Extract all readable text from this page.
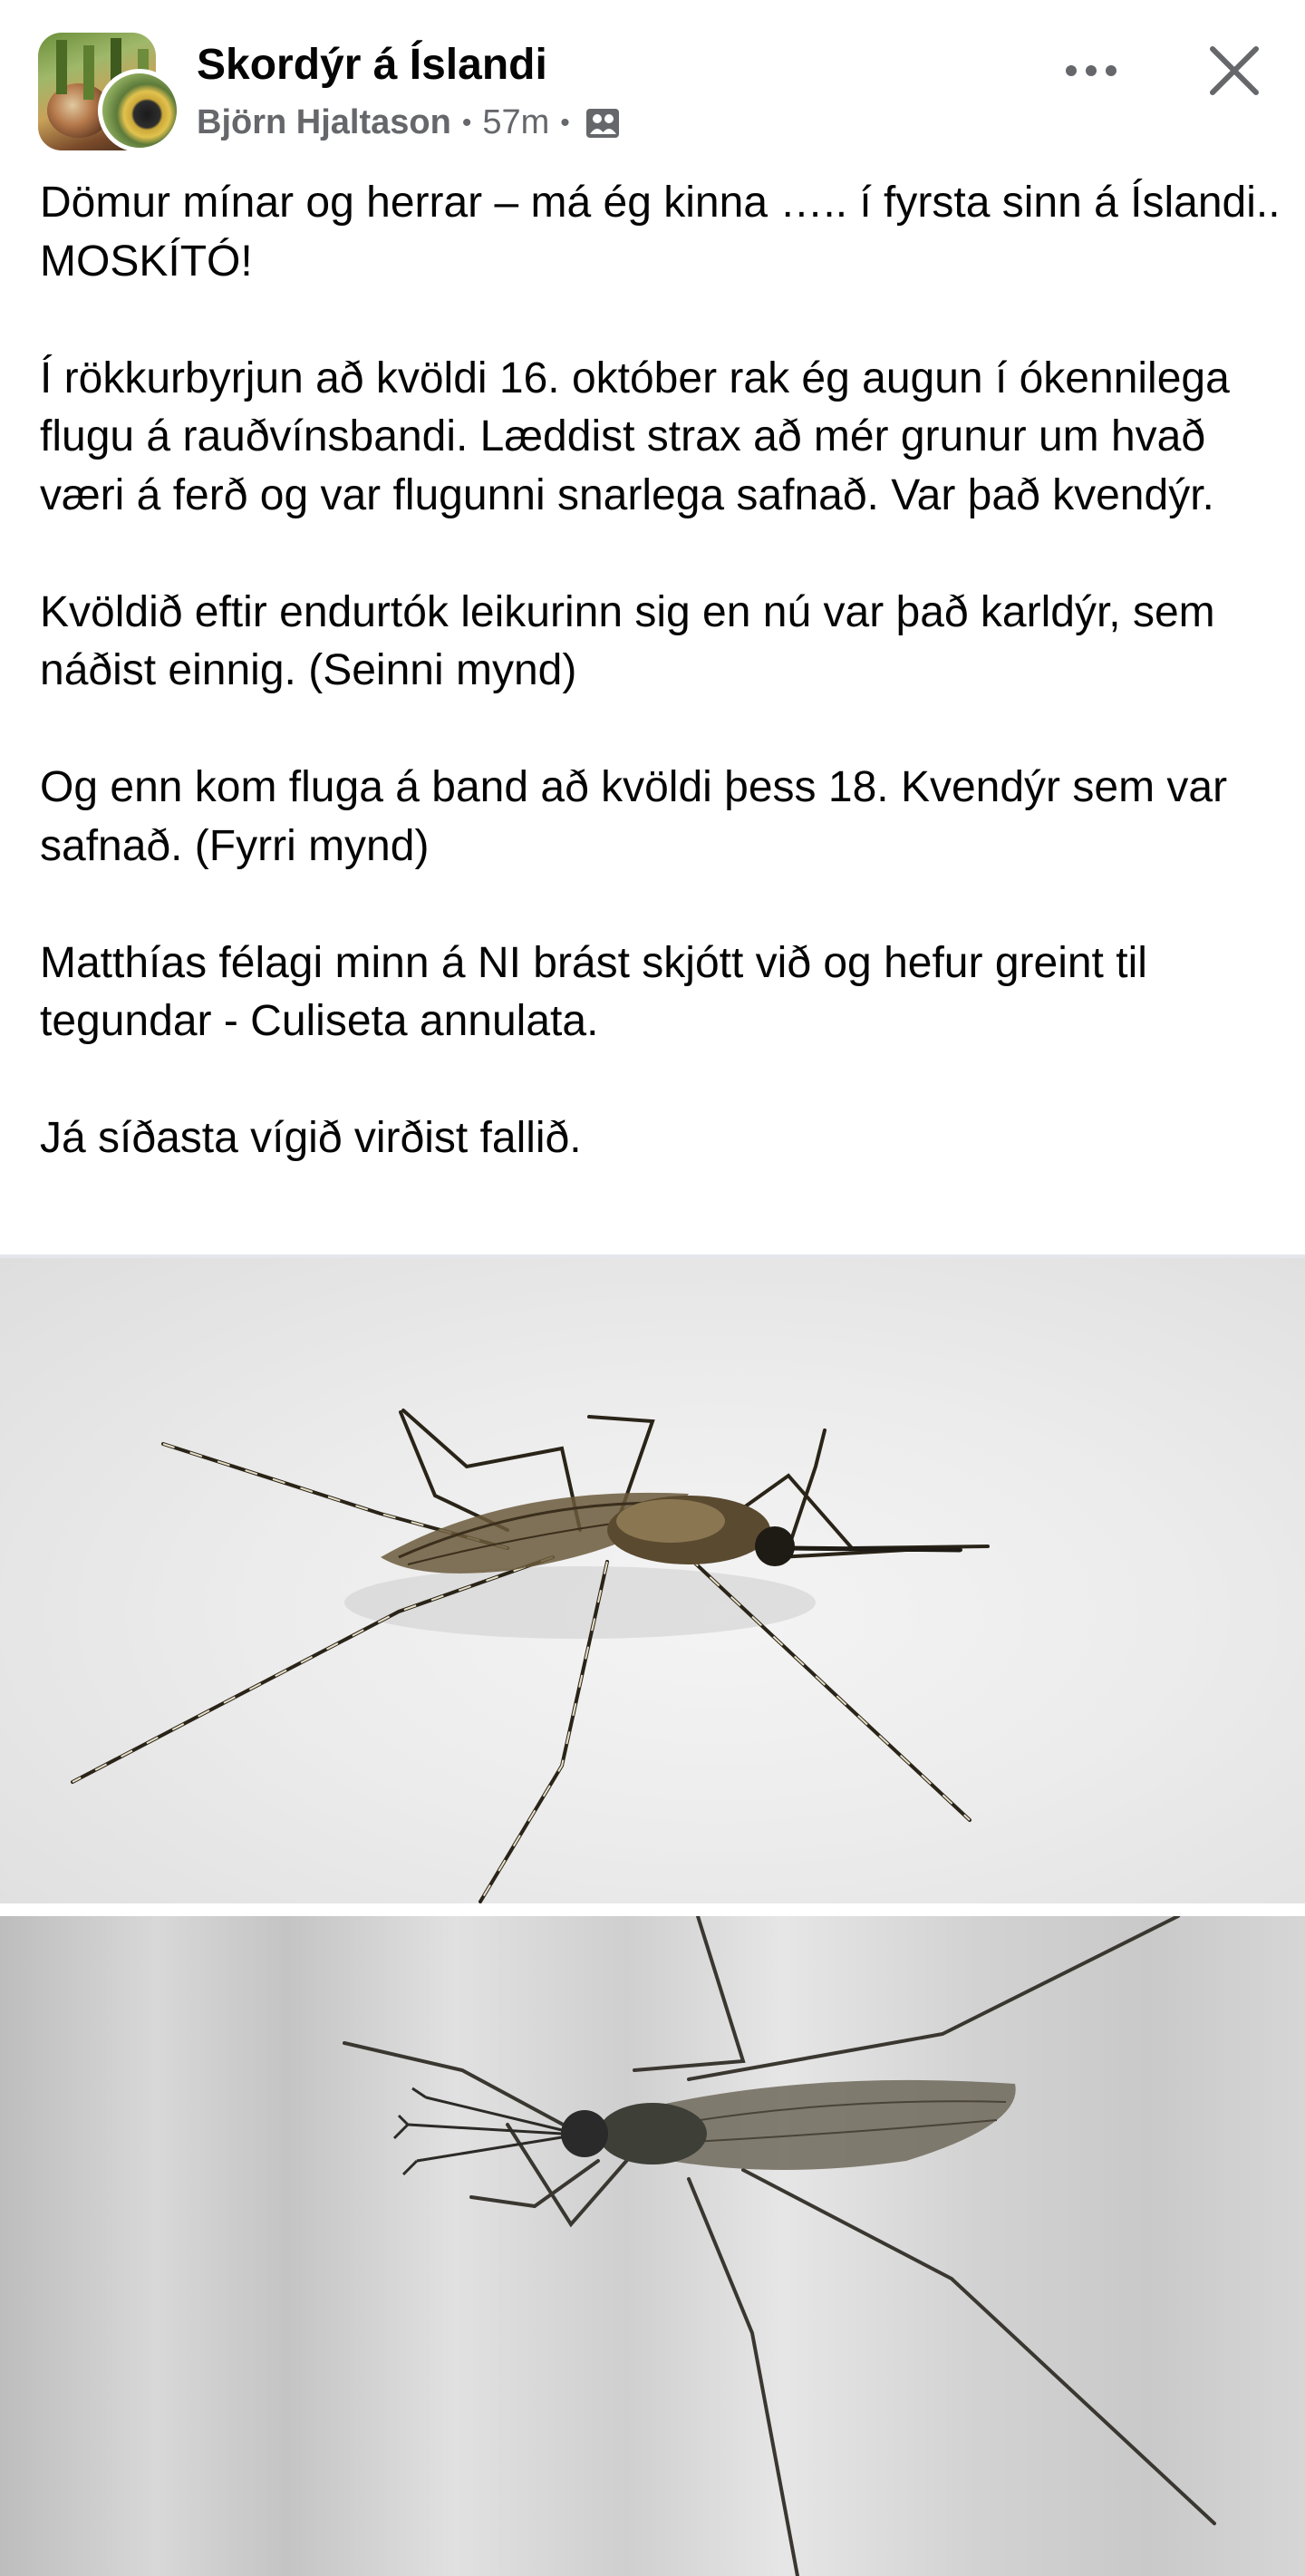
Skordýr á Íslandi
Björn Hjaltason • 57m •

Dömur mínar og herrar – má ég kinna ….. í fyrsta sinn á Íslandi.. MOSKÍTÓ!

Í rökkurbyrjun að kvöldi 16. október rak ég augun í ókennilega flugu á rauðvínsbandi. Læddist strax að mér grunur um hvað væri á ferð og var flugunni snarlega safnað. Var það kvendýr.

Kvöldið eftir endurtók leikurinn sig en nú var það karldýr, sem náðist einnig. (Seinni mynd)

Og enn kom fluga á band að kvöldi þess 18. Kvendýr sem var safnað. (Fyrri mynd)

Matthías félagi minn á NI brást skjótt við og hefur greint til tegundar - Culiseta annulata.

Já síðasta vígið virðist fallið.
